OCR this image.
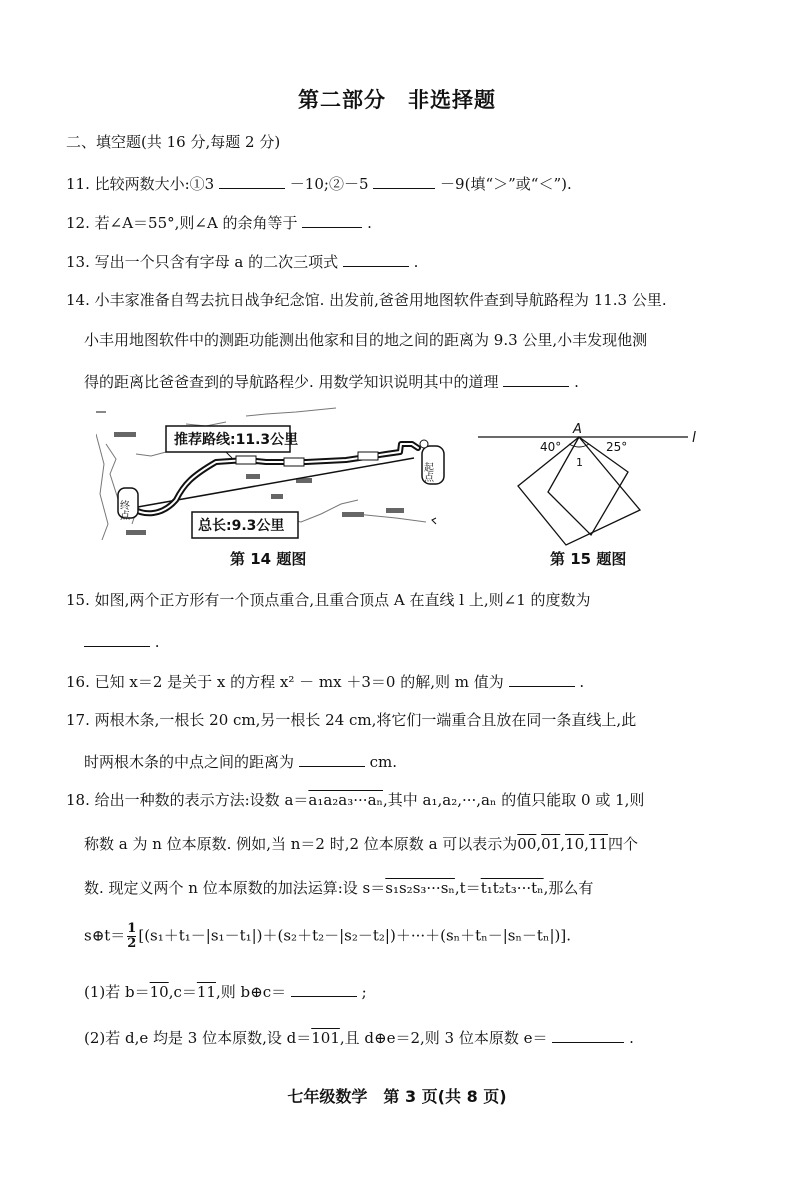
第二部分　非选择题
二、填空题(共 16 分,每题 2 分)
11. 比较两数大小:①3	－10;②－5	－9(填“＞”或“＜”).
12. 若∠A＝55°,则∠A 的余角等于	.
13. 写出一个只含有字母 a 的二次三项式	.
14. 小丰家准备自驾去抗日战争纪念馆. 出发前,爸爸用地图软件查到导航路程为 11.3 公里.
小丰用地图软件中的测距功能测出他家和目的地之间的距离为 9.3 公里,小丰发现他测
得的距离比爸爸查到的导航路程少. 用数学知识说明其中的道理	.
推荐路线:11.3公里
总长:9.3公里
起点
终点
第 14 题图
l
A
40°	25°
1
第 15 题图
15. 如图,两个正方形有一个顶点重合,且重合顶点 A 在直线 l 上,则∠1 的度数为
.
16. 已知 x＝2 是关于 x 的方程 x² － mx ＋3＝0 的解,则 m 值为	.
17. 两根木条,一根长 20 cm,另一根长 24 cm,将它们一端重合且放在同一条直线上,此
时两根木条的中点之间的距离为	cm.
18. 给出一种数的表示方法:设数 a＝a₁a₂a₃···aₙ,其中 a₁,a₂,···,aₙ 的值只能取 0 或 1,则
称数 a 为 n 位本原数. 例如,当 n＝2 时,2 位本原数 a 可以表示为00,01,10,11四个
数. 现定义两个 n 位本原数的加法运算:设 s＝s₁s₂s₃···sₙ,t＝t₁t₂t₃···tₙ,那么有
s⊕t＝ $\frac{1}{2} [(s_1+t_1-|s_1-t_1|)+(s_2+t_2-|s_2-t_2|)+\cdot\cdot\cdot+(s_n+t_n-|s_n-t_n|)]$.
(1)若 b＝10,c＝11,则 b⊕c＝	;
(2)若 d,e 均是 3 位本原数,设 d＝101,且 d⊕e＝2,则 3 位本原数 e＝	.
七年级数学　第 3 页(共 8 页)
